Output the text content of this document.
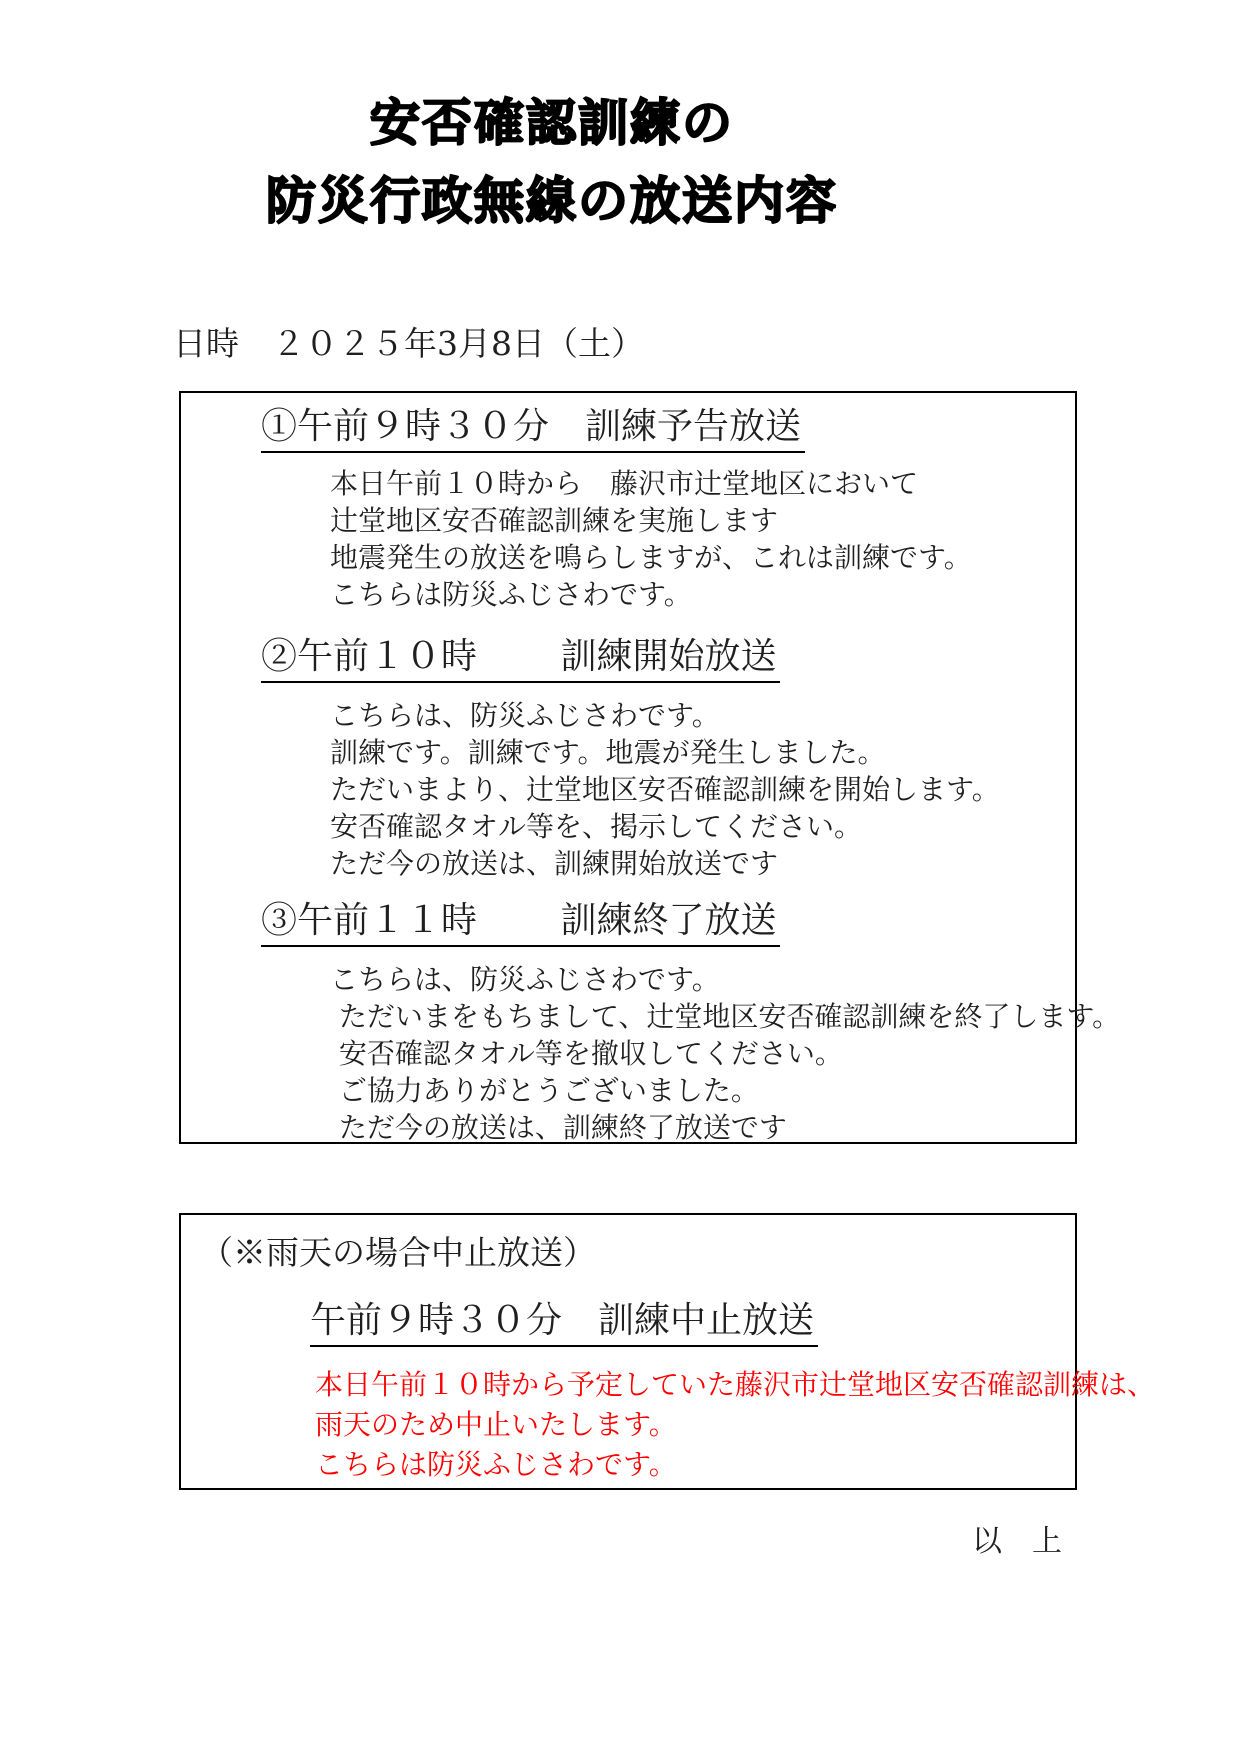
安否確認訓練の
防災行政無線の放送内容
日時　２０２５年3月8日（土）
①午前９時３０分　訓練予告放送
本日午前１０時から　藤沢市辻堂地区において
辻堂地区安否確認訓練を実施します
地震発生の放送を鳴らしますが、これは訓練です。
こちらは防災ふじさわです。
②午前１０時　　 訓練開始放送
こちらは、防災ふじさわです。
訓練です。訓練です。地震が発生しました。
ただいまより、辻堂地区安否確認訓練を開始します。
安否確認タオル等を、掲示してください。
ただ今の放送は、訓練開始放送です
③午前１１時　　 訓練終了放送
こちらは、防災ふじさわです。
ただいまをもちまして、辻堂地区安否確認訓練を終了します。
安否確認タオル等を撤収してください。
ご協力ありがとうございました。
ただ今の放送は、訓練終了放送です
（※雨天の場合中止放送）
午前９時３０分　訓練中止放送
本日午前１０時から予定していた藤沢市辻堂地区安否確認訓練は、
雨天のため中止いたします。
こちらは防災ふじさわです。
以　上
